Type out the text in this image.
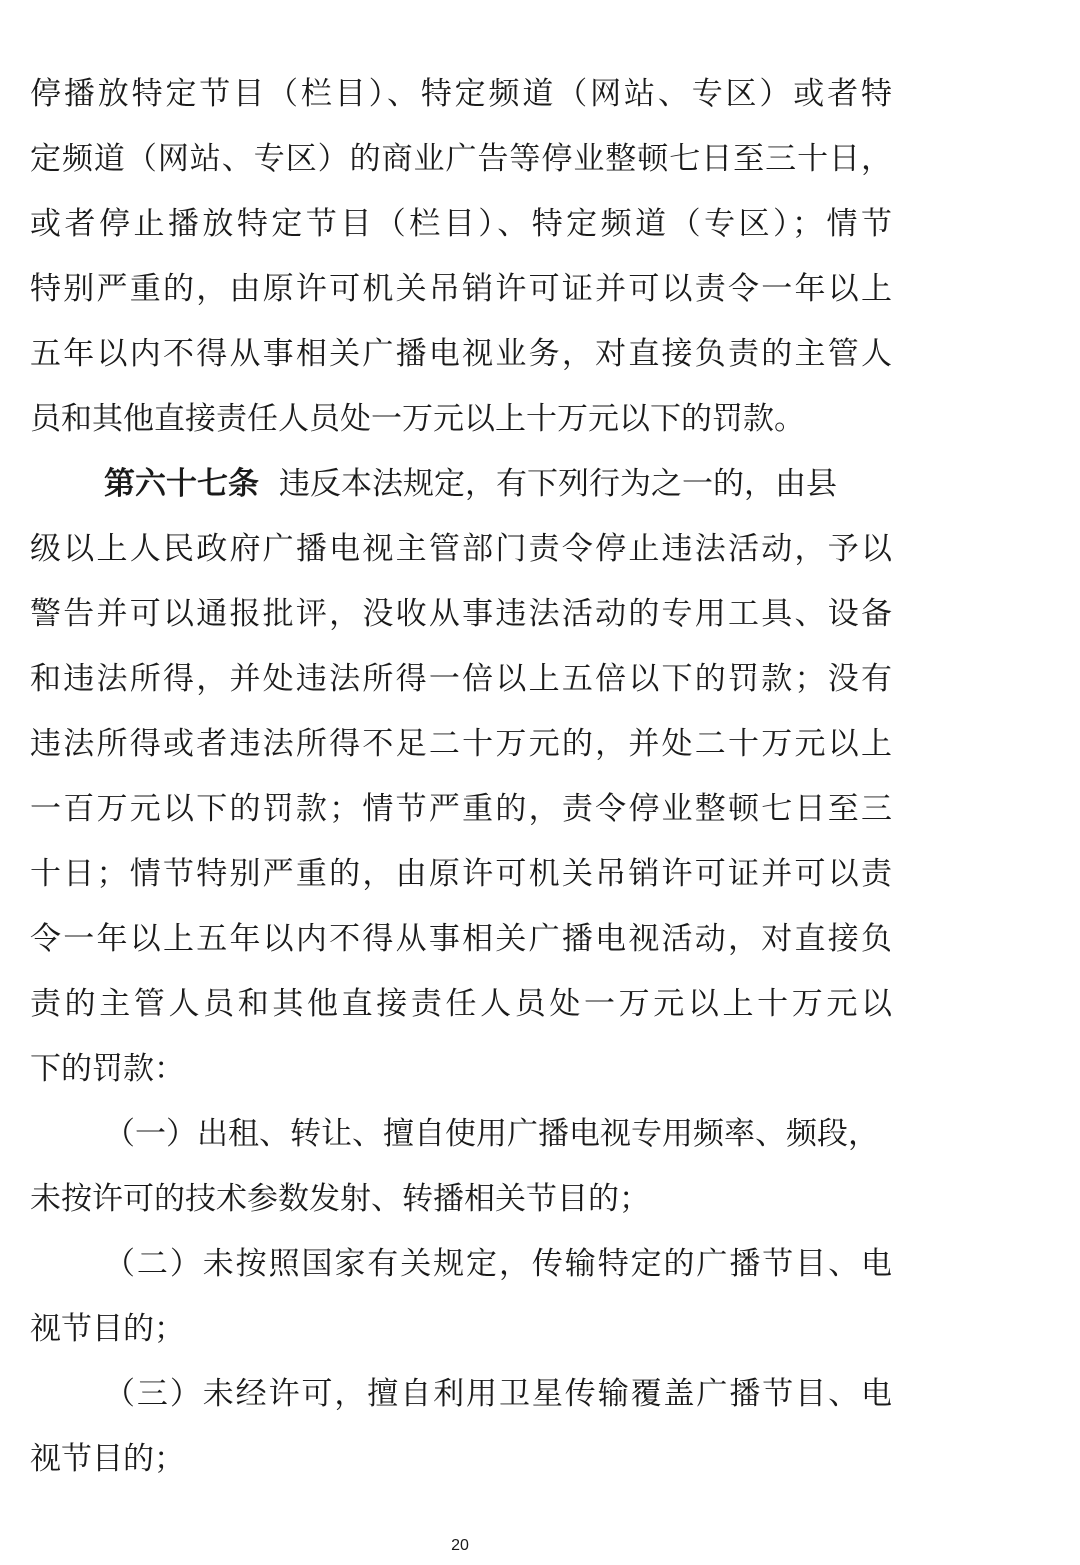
停播放特定节目（栏目）、特定频道（网站、专区）或者特
定频道（网站、专区）的商业广告等停业整顿七日至三十日，
或者停止播放特定节目（栏目）、特定频道（专区）；情节
特别严重的，由原许可机关吊销许可证并可以责令一年以上
五年以内不得从事相关广播电视业务，对直接负责的主管人
员和其他直接责任人员处一万元以上十万元以下的罚款。
第六十七条 违反本法规定，有下列行为之一的，由县
级以上人民政府广播电视主管部门责令停止违法活动，予以
警告并可以通报批评，没收从事违法活动的专用工具、设备
和违法所得，并处违法所得一倍以上五倍以下的罚款；没有
违法所得或者违法所得不足二十万元的，并处二十万元以上
一百万元以下的罚款；情节严重的，责令停业整顿七日至三
十日；情节特别严重的，由原许可机关吊销许可证并可以责
令一年以上五年以内不得从事相关广播电视活动，对直接负
责的主管人员和其他直接责任人员处一万元以上十万元以
下的罚款：
（一）出租、转让、擅自使用广播电视专用频率、频段，
未按许可的技术参数发射、转播相关节目的；
（二）未按照国家有关规定，传输特定的广播节目、电
视节目的；
（三）未经许可，擅自利用卫星传输覆盖广播节目、电
视节目的；
20
